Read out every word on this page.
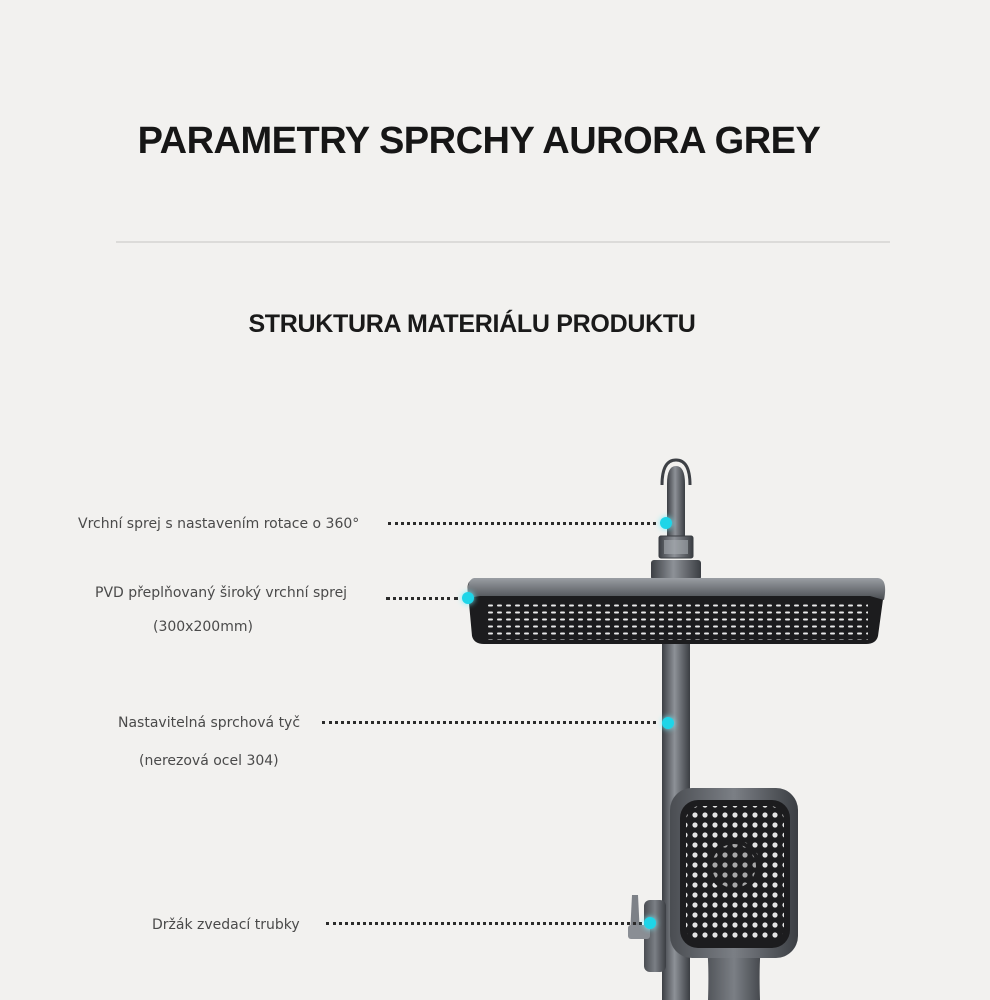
PARAMETRY SPRCHY AURORA GREY
STRUKTURA MATERIÁLU PRODUKTU
Vrchní sprej s nastavením rotace o 360°
PVD přeplňovaný široký vrchní sprej
(300x200mm)
Nastavitelná sprchová tyč
(nerezová ocel 304)
Držák zvedací trubky
